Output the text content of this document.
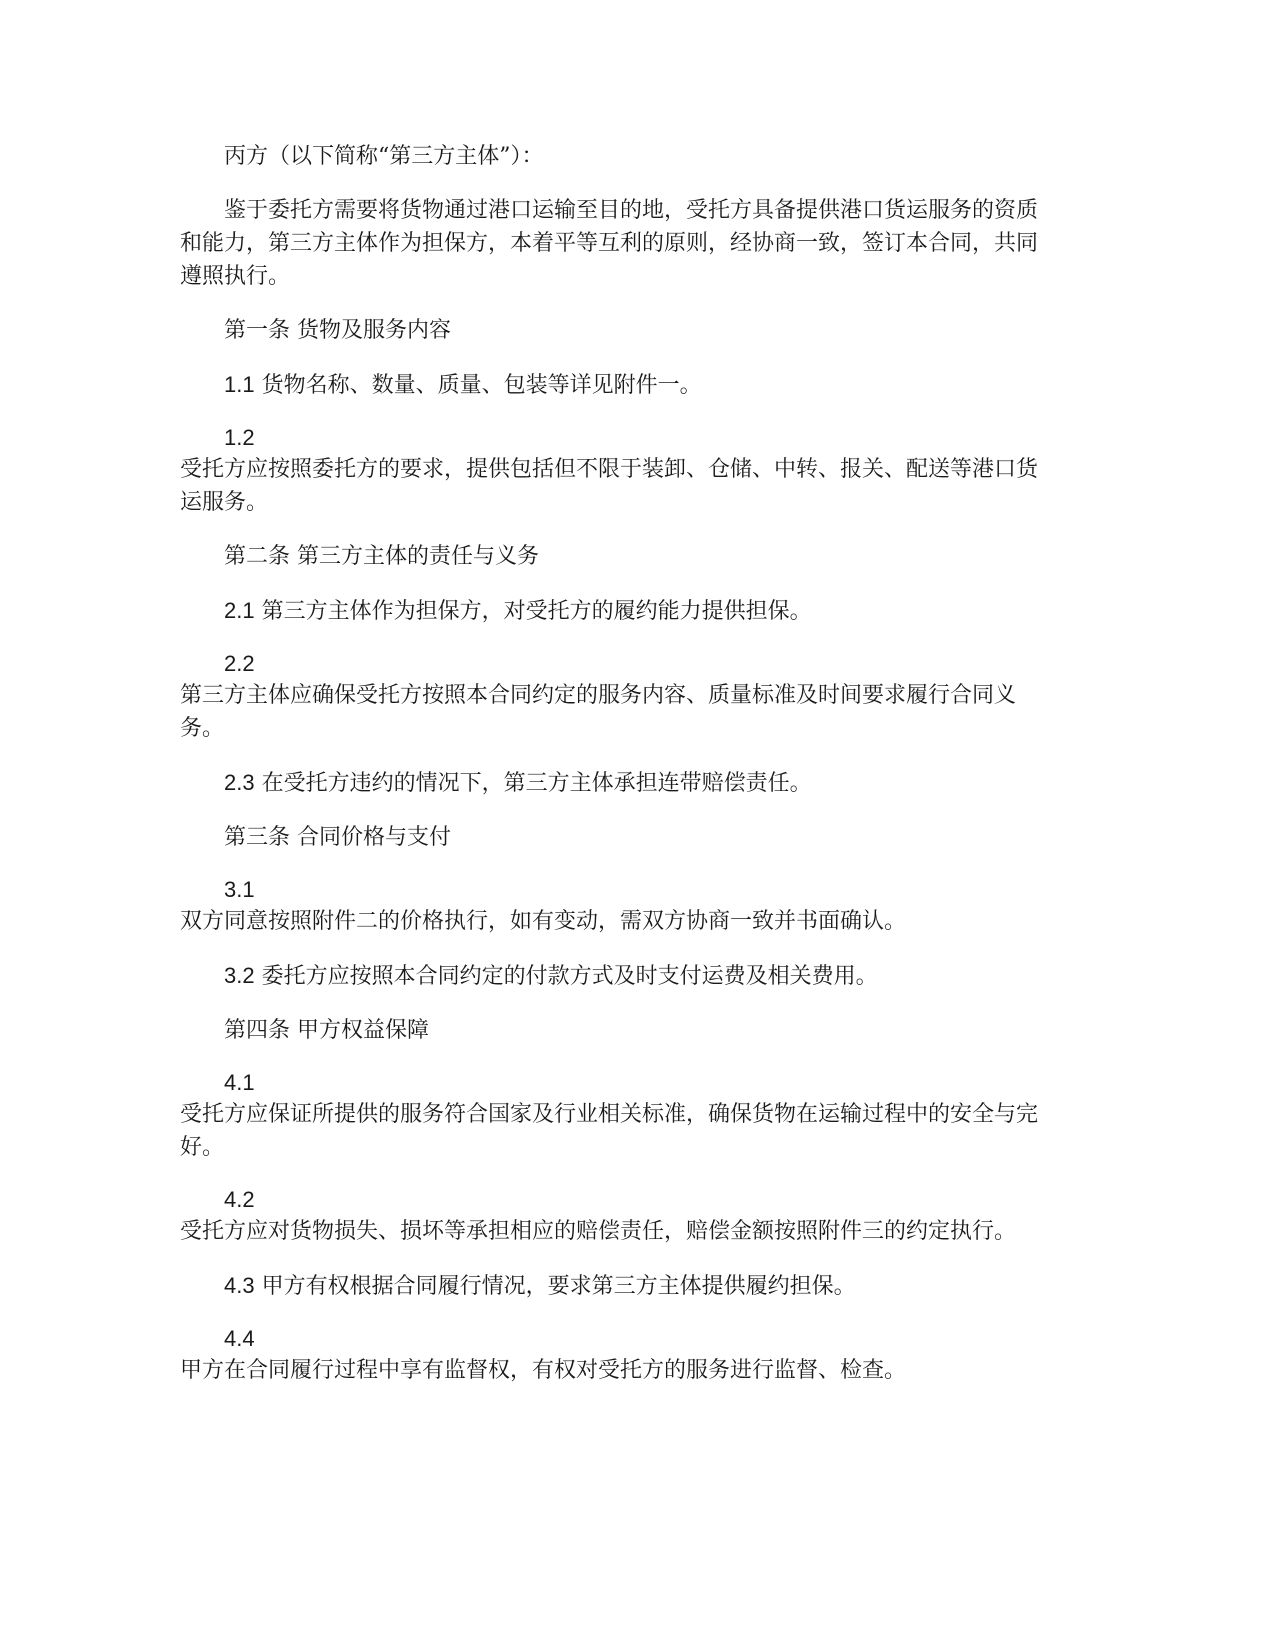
丙方（以下简称“第三方主体”）：

鉴于委托方需要将货物通过港口运输至目的地，受托方具备提供港口货运服务的资质和能力，第三方主体作为担保方，本着平等互利的原则，经协商一致，签订本合同，共同遵照执行。

第一条 货物及服务内容

1.1 货物名称、数量、质量、包装等详见附件一。

1.2

受托方应按照委托方的要求，提供包括但不限于装卸、仓储、中转、报关、配送等港口货运服务。

第二条 第三方主体的责任与义务

2.1 第三方主体作为担保方，对受托方的履约能力提供担保。

2.2

第三方主体应确保受托方按照本合同约定的服务内容、质量标准及时间要求履行合同义务。

2.3 在受托方违约的情况下，第三方主体承担连带赔偿责任。

第三条 合同价格与支付

3.1

双方同意按照附件二的价格执行，如有变动，需双方协商一致并书面确认。

3.2 委托方应按照本合同约定的付款方式及时支付运费及相关费用。

第四条 甲方权益保障

4.1

受托方应保证所提供的服务符合国家及行业相关标准，确保货物在运输过程中的安全与完好。

4.2

受托方应对货物损失、损坏等承担相应的赔偿责任，赔偿金额按照附件三的约定执行。

4.3 甲方有权根据合同履行情况，要求第三方主体提供履约担保。

4.4

甲方在合同履行过程中享有监督权，有权对受托方的服务进行监督、检查。
